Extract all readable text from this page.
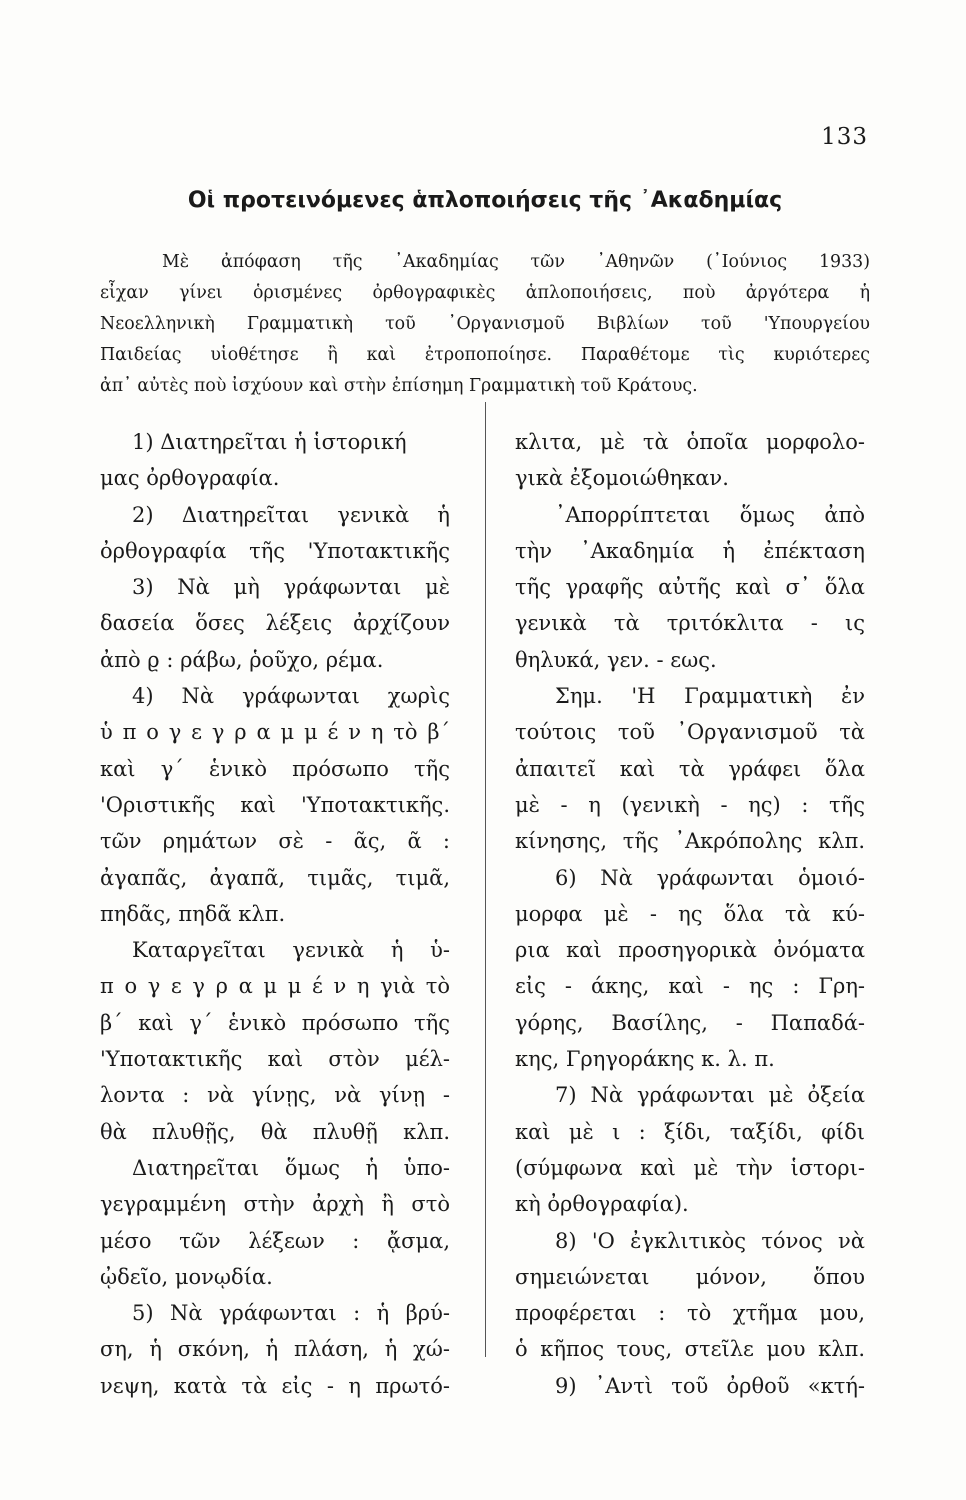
133
Οἱ προτεινόμενες ἁπλοποιήσεις τῆς ᾿Ακαδημίας
Μὲ ἀπόφαση τῆς ᾿Ακαδημίας τῶν ᾿Αθηνῶν (᾿Ιούνιος 1933)
εἶχαν γίνει ὁρισμένες ὀρθογραφικὲς ἁπλοποιήσεις, ποὺ ἀργότερα ἡ
Νεοελληνικὴ Γραμματικὴ τοῦ ᾿Οργανισμοῦ Βιβλίων τοῦ 'Υπουργείου
Παιδείας υἱοθέτησε ἢ καὶ ἐτροποποίησε. Παραθέτομε τὶς κυριότερες
ἀπ᾿ αὐτὲς ποὺ ἰσχύουν καὶ στὴν ἐπίσημη Γραμματικὴ τοῦ Κράτους.
1) Διατηρεῖται ἡ ἱστορική
μας ὀρθογραφία.
2) Διατηρεῖται γενικὰ ἡ
ὀρθογραφία τῆς 'Υποτακτικῆς
3) Νὰ μὴ γράφωνται μὲ
δασεία ὅσες λέξεις ἀρχίζουν
ἀπὸ ϱ : ράβω, ῥοῦχο, ρέμα.
4) Νὰ γράφωνται χωρὶς
ὑ π ο γ ε γ ρ α μ μ έ ν η τὸ β΄
καὶ γ΄ ἑνικὸ πρόσωπο τῆς
'Οριστικῆς καὶ 'Υποτακτικῆς.
τῶν ρημάτων σὲ - ᾶς, ᾶ :
ἀγαπᾶς, ἀγαπᾶ, τιμᾶς, τιμᾶ,
πηδᾶς, πηδᾶ κλπ.
Καταργεῖται γενικὰ ἡ ὑ-
π ο γ ε γ ρ α μ μ έ ν η γιὰ τὸ
β΄ καὶ γ΄ ἑνικὸ πρόσωπο τῆς
'Υποτακτικῆς καὶ στὸν μέλ-
λοντα : νὰ γίνῃς, νὰ γίνῃ -
θὰ πλυθῇς, θὰ πλυθῇ κλπ.
Διατηρεῖται ὅμως ἡ ὑπο-
γεγραμμένη στὴν ἀρχὴ ἢ στὸ
μέσο τῶν λέξεων : ᾄσμα,
ᾠδεῖο, μονῳδία.
5) Νὰ γράφωνται : ἡ βρύ-
ση, ἡ σκόνη, ἡ πλάση, ἡ χώ-
νεψη, κατὰ τὰ εἰς - η πρωτό-
κλιτα, μὲ τὰ ὁποῖα μορφολο-
γικὰ ἐξομοιώθηκαν.
᾿Απορρίπτεται ὅμως ἀπὸ
τὴν ᾿Ακαδημία ἡ ἐπέκταση
τῆς γραφῆς αὐτῆς καὶ σ᾿ ὅλα
γενικὰ τὰ τριτόκλιτα - ις
θηλυκά, γεν. - εως.
Σημ. 'Η Γραμματικὴ ἐν
τούτοις τοῦ ᾿Οργανισμοῦ τὰ
ἀπαιτεῖ καὶ τὰ γράφει ὅλα
μὲ - η (γενικὴ - ης) : τῆς
κίνησης, τῆς ᾿Ακρόπολης κλπ.
6) Νὰ γράφωνται ὁμοιό-
μορφα μὲ - ης ὅλα τὰ κύ-
ρια καὶ προσηγορικὰ ὀνόματα
εἰς - άκης, καὶ - ης : Γρη-
γόρης, Βασίλης, - Παπαδά-
κης, Γρηγοράκης κ. λ. π.
7) Νὰ γράφωνται μὲ ὀξεία
καὶ μὲ ι : ξίδι, ταξίδι, φίδι
(σύμφωνα καὶ μὲ τὴν ἱστορι-
κὴ ὀρθογραφία).
8) 'Ο ἐγκλιτικὸς τόνος νὰ
σημειώνεται μόνον, ὅπου
προφέρεται : τὸ χτῆμα μου,
ὁ κῆπος τους, στεῖλε μου κλπ.
9) ᾿Αντὶ τοῦ ὀρθοῦ «κτή-
